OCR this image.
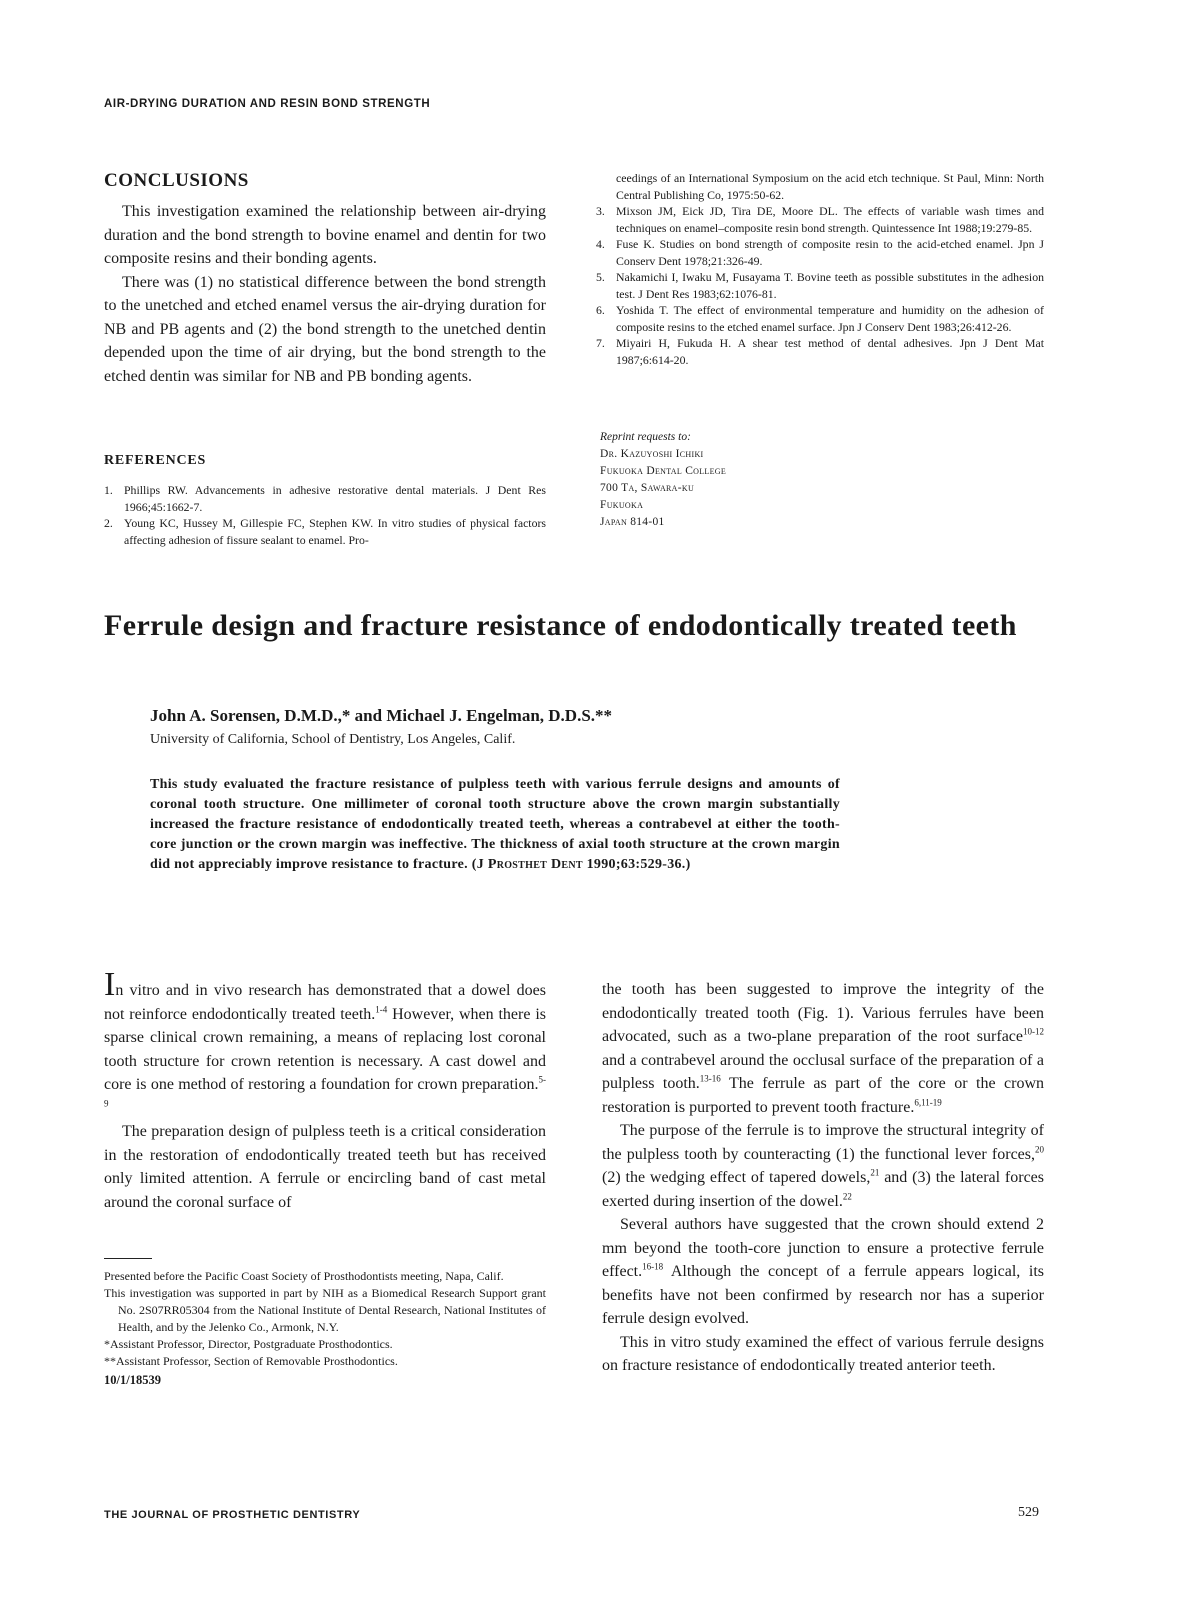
AIR-DRYING DURATION AND RESIN BOND STRENGTH
CONCLUSIONS

This investigation examined the relationship between air-drying duration and the bond strength to bovine enamel and dentin for two composite resins and their bonding agents.

There was (1) no statistical difference between the bond strength to the unetched and etched enamel versus the air-drying duration for NB and PB agents and (2) the bond strength to the unetched dentin depended upon the time of air drying, but the bond strength to the etched dentin was similar for NB and PB bonding agents.

REFERENCES
1. Phillips RW. Advancements in adhesive restorative dental materials. J Dent Res 1966;45:1662-7.
2. Young KC, Hussey M, Gillespie FC, Stephen KW. In vitro studies of physical factors affecting adhesion of fissure sealant to enamel. Pro-
ceedings of an International Symposium on the acid etch technique. St Paul, Minn: North Central Publishing Co, 1975:50-62.
3. Mixson JM, Eick JD, Tira DE, Moore DL. The effects of variable wash times and techniques on enamel–composite resin bond strength. Quintessence Int 1988;19:279-85.
4. Fuse K. Studies on bond strength of composite resin to the acid-etched enamel. Jpn J Conserv Dent 1978;21:326-49.
5. Nakamichi I, Iwaku M, Fusayama T. Bovine teeth as possible substitutes in the adhesion test. J Dent Res 1983;62:1076-81.
6. Yoshida T. The effect of environmental temperature and humidity on the adhesion of composite resins to the etched enamel surface. Jpn J Conserv Dent 1983;26:412-26.
7. Miyairi H, Fukuda H. A shear test method of dental adhesives. Jpn J Dent Mat 1987;6:614-20.
Reprint requests to:
Dr. Kazuyoshi Ichiki
Fukuoka Dental College
700 Ta, Sawara-ku
Fukuoka
Japan 814-01
Ferrule design and fracture resistance of endodontically treated teeth
John A. Sorensen, D.M.D.,* and Michael J. Engelman, D.D.S.**
University of California, School of Dentistry, Los Angeles, Calif.
This study evaluated the fracture resistance of pulpless teeth with various ferrule designs and amounts of coronal tooth structure. One millimeter of coronal tooth structure above the crown margin substantially increased the fracture resistance of endodontically treated teeth, whereas a contrabevel at either the tooth-core junction or the crown margin was ineffective. The thickness of axial tooth structure at the crown margin did not appreciably improve resistance to fracture. (J Prosthet Dent 1990;63:529-36.)

In vitro and in vivo research has demonstrated that a dowel does not reinforce endodontically treated teeth.$^{1-4}$ However, when there is sparse clinical crown remaining, a means of replacing lost coronal tooth structure for crown retention is necessary. A cast dowel and core is one method of restoring a foundation for crown preparation.$^{5-9}$

The preparation design of pulpless teeth is a critical consideration in the restoration of endodontically treated teeth but has received only limited attention. A ferrule or encircling band of cast metal around the coronal surface of

the tooth has been suggested to improve the integrity of the endodontically treated tooth (Fig. 1). Various ferrules have been advocated, such as a two-plane preparation of the root surface$^{10-12}$ and a contrabevel around the occlusal surface of the preparation of a pulpless tooth.$^{13-16}$ The ferrule as part of the core or the crown restoration is purported to prevent tooth fracture.$^{6,11-19}$

The purpose of the ferrule is to improve the structural integrity of the pulpless tooth by counteracting (1) the functional lever forces,$^{20}$ (2) the wedging effect of tapered dowels,$^{21}$ and (3) the lateral forces exerted during insertion of the dowel.$^{22}$

Several authors have suggested that the crown should extend 2 mm beyond the tooth-core junction to ensure a protective ferrule effect.$^{16-18}$ Although the concept of a ferrule appears logical, its benefits have not been confirmed by research nor has a superior ferrule design evolved.

This in vitro study examined the effect of various ferrule designs on fracture resistance of endodontically treated anterior teeth.

Presented before the Pacific Coast Society of Prosthodontists meeting, Napa, Calif.

This investigation was supported in part by NIH as a Biomedical Research Support grant No. 2S07RR05304 from the National Institute of Dental Research, National Institutes of Health, and by the Jelenko Co., Armonk, N.Y.

*Assistant Professor, Director, Postgraduate Prosthodontics.

**Assistant Professor, Section of Removable Prosthodontics.

10/1/18539

THE JOURNAL OF PROSTHETIC DENTISTRY	529
